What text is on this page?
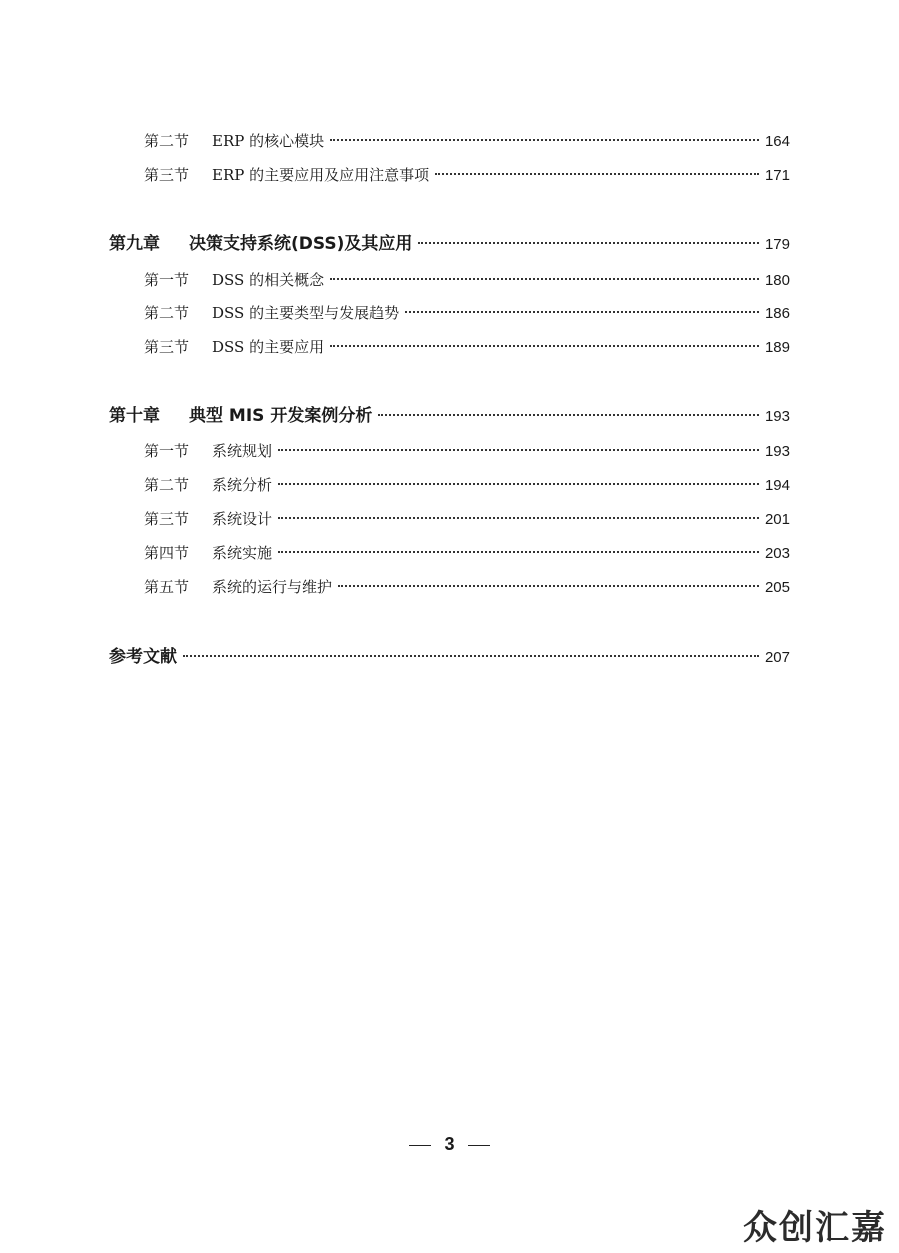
第二节	ERP 的核心模块	164
第三节	ERP 的主要应用及应用注意事项	171
第九章	决策支持系统(DSS)及其应用	179
第一节	DSS 的相关概念	180
第二节	DSS 的主要类型与发展趋势	186
第三节	DSS 的主要应用	189
第十章	典型 MIS 开发案例分析	193
第一节	系统规划	193
第二节	系统分析	194
第三节	系统设计	201
第四节	系统实施	203
第五节	系统的运行与维护	205
参考文献	207
3
众创汇嘉
